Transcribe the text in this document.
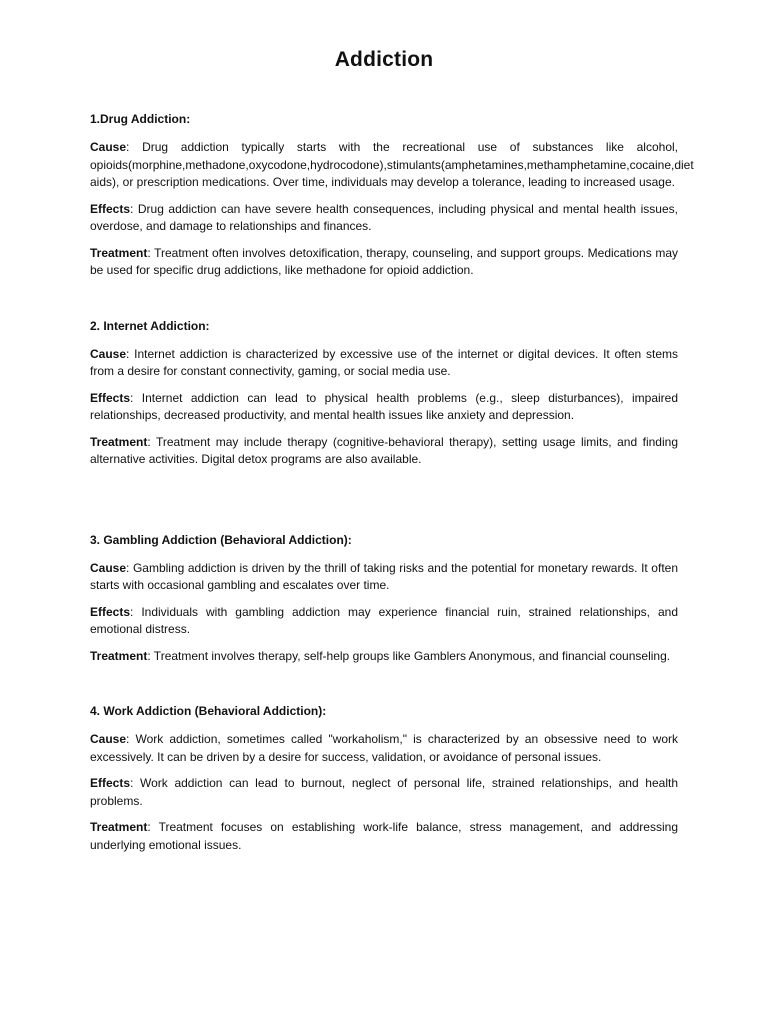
Addiction
1.Drug Addiction:

Cause: Drug addiction typically starts with the recreational use of substances like alcohol, opioids(morphine,methadone,oxycodone,hydrocodone),stimulants(amphetamines,methamphetamine,cocaine,diet aids), or prescription medications. Over time, individuals may develop a tolerance, leading to increased usage.

Effects: Drug addiction can have severe health consequences, including physical and mental health issues, overdose, and damage to relationships and finances.

Treatment: Treatment often involves detoxification, therapy, counseling, and support groups. Medications may be used for specific drug addictions, like methadone for opioid addiction.

2. Internet Addiction:

Cause: Internet addiction is characterized by excessive use of the internet or digital devices. It often stems from a desire for constant connectivity, gaming, or social media use.

Effects: Internet addiction can lead to physical health problems (e.g., sleep disturbances), impaired relationships, decreased productivity, and mental health issues like anxiety and depression.

Treatment: Treatment may include therapy (cognitive-behavioral therapy), setting usage limits, and finding alternative activities. Digital detox programs are also available.

3. Gambling Addiction (Behavioral Addiction):

Cause: Gambling addiction is driven by the thrill of taking risks and the potential for monetary rewards. It often starts with occasional gambling and escalates over time.

Effects: Individuals with gambling addiction may experience financial ruin, strained relationships, and emotional distress.

Treatment: Treatment involves therapy, self-help groups like Gamblers Anonymous, and financial counseling.

4. Work Addiction (Behavioral Addiction):

Cause: Work addiction, sometimes called "workaholism," is characterized by an obsessive need to work excessively. It can be driven by a desire for success, validation, or avoidance of personal issues.

Effects: Work addiction can lead to burnout, neglect of personal life, strained relationships, and health problems.

Treatment: Treatment focuses on establishing work-life balance, stress management, and addressing underlying emotional issues.
